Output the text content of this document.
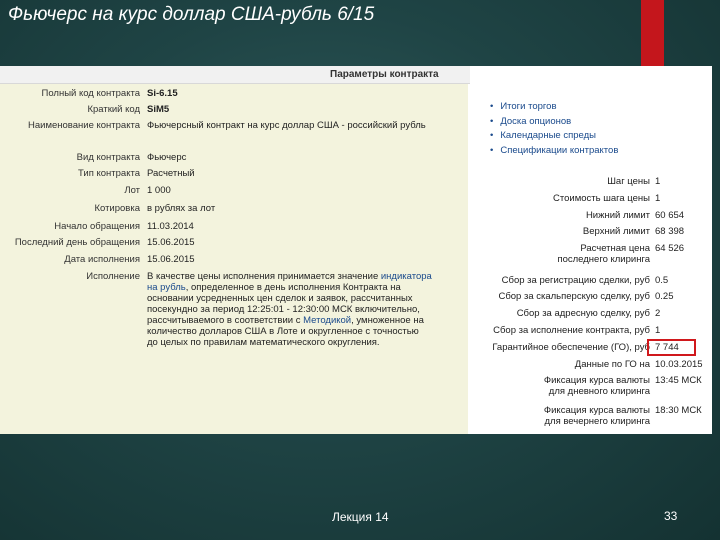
Фьючерс на курс доллар США-рубль 6/15
Параметры контракта
Полный код контракта Si-6.15
Краткий код SiM5
Наименование контракта Фьючерсный контракт на курс доллар США - российский рубль
Вид контракта Фьючерс
Тип контракта Расчетный
Лот 1 000
Котировка в рублях за лот
Начало обращения 11.03.2014
Последний день обращения 15.06.2015
Дата исполнения 15.06.2015
Исполнение В качестве цены исполнения принимается значение индикатора
на рубль, определенное в день исполнения Контракта на
основании усредненных цен сделок и заявок, рассчитанных
посекундно за период 12:25:01 - 12:30:00 МСК включительно,
рассчитываемого в соответствии с Методикой, умноженное на
количество долларов США в Лоте и округленное с точностью
до целых по правилам математического округления.
• Итоги торгов
• Доска опционов
• Календарные спреды
• Спецификации контрактов
Шаг цены 1
Стоимость шага цены 1
Нижний лимит 60 654
Верхний лимит 68 398
Расчетная цена
последнего клиринга
64 526
Сбор за регистрацию сделки, руб 0.5
Сбор за скальперскую сделку, руб 0.25
Сбор за адресную сделку, руб 2
Сбор за исполнение контракта, руб 1
Гарантийное обеспечение (ГО), руб 7 744
Данные по ГО на 10.03.2015
Фиксация курса валюты
для дневного клиринга
13:45 МСК
Фиксация курса валюты
для вечернего клиринга
18:30 МСК
Лекция 14	33
